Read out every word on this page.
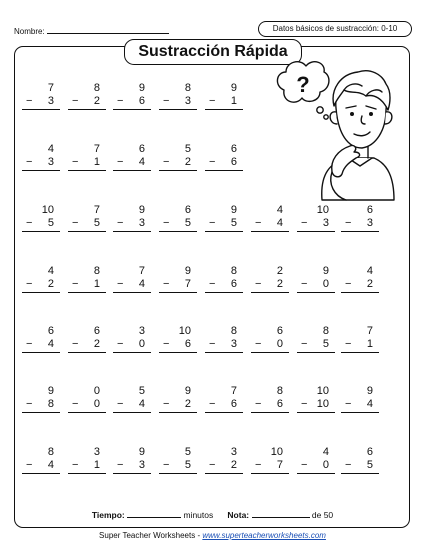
Nombre:	Datos básicos de sustracción: 0-10
Sustracción Rápida
?
7
− 3
8
− 2
9
− 6
8
− 3
9
− 1
4
− 3
7
− 1
6
− 4
5
− 2
6
− 6
10
− 5
7
− 5
9
− 3
6
− 5
9
− 5
4
− 4
10
− 3
6
− 3
4
− 2
8
− 1
7
− 4
9
− 7
8
− 6
2
− 2
9
− 0
4
− 2
6
− 4
6
− 2
3
− 0
10
− 6
8
− 3
6
− 0
8
− 5
7
− 1
9
− 8
0
− 0
5
− 4
9
− 2
7
− 6
8
− 6
10
− 10
9
− 4
8
− 4
3
− 1
9
− 3
5
− 5
3
− 2
10
− 7
4
− 0
6
− 5
Tiempo:	minutos Nota:	de 50
Super Teacher Worksheets - www.superteacherworksheets.com
